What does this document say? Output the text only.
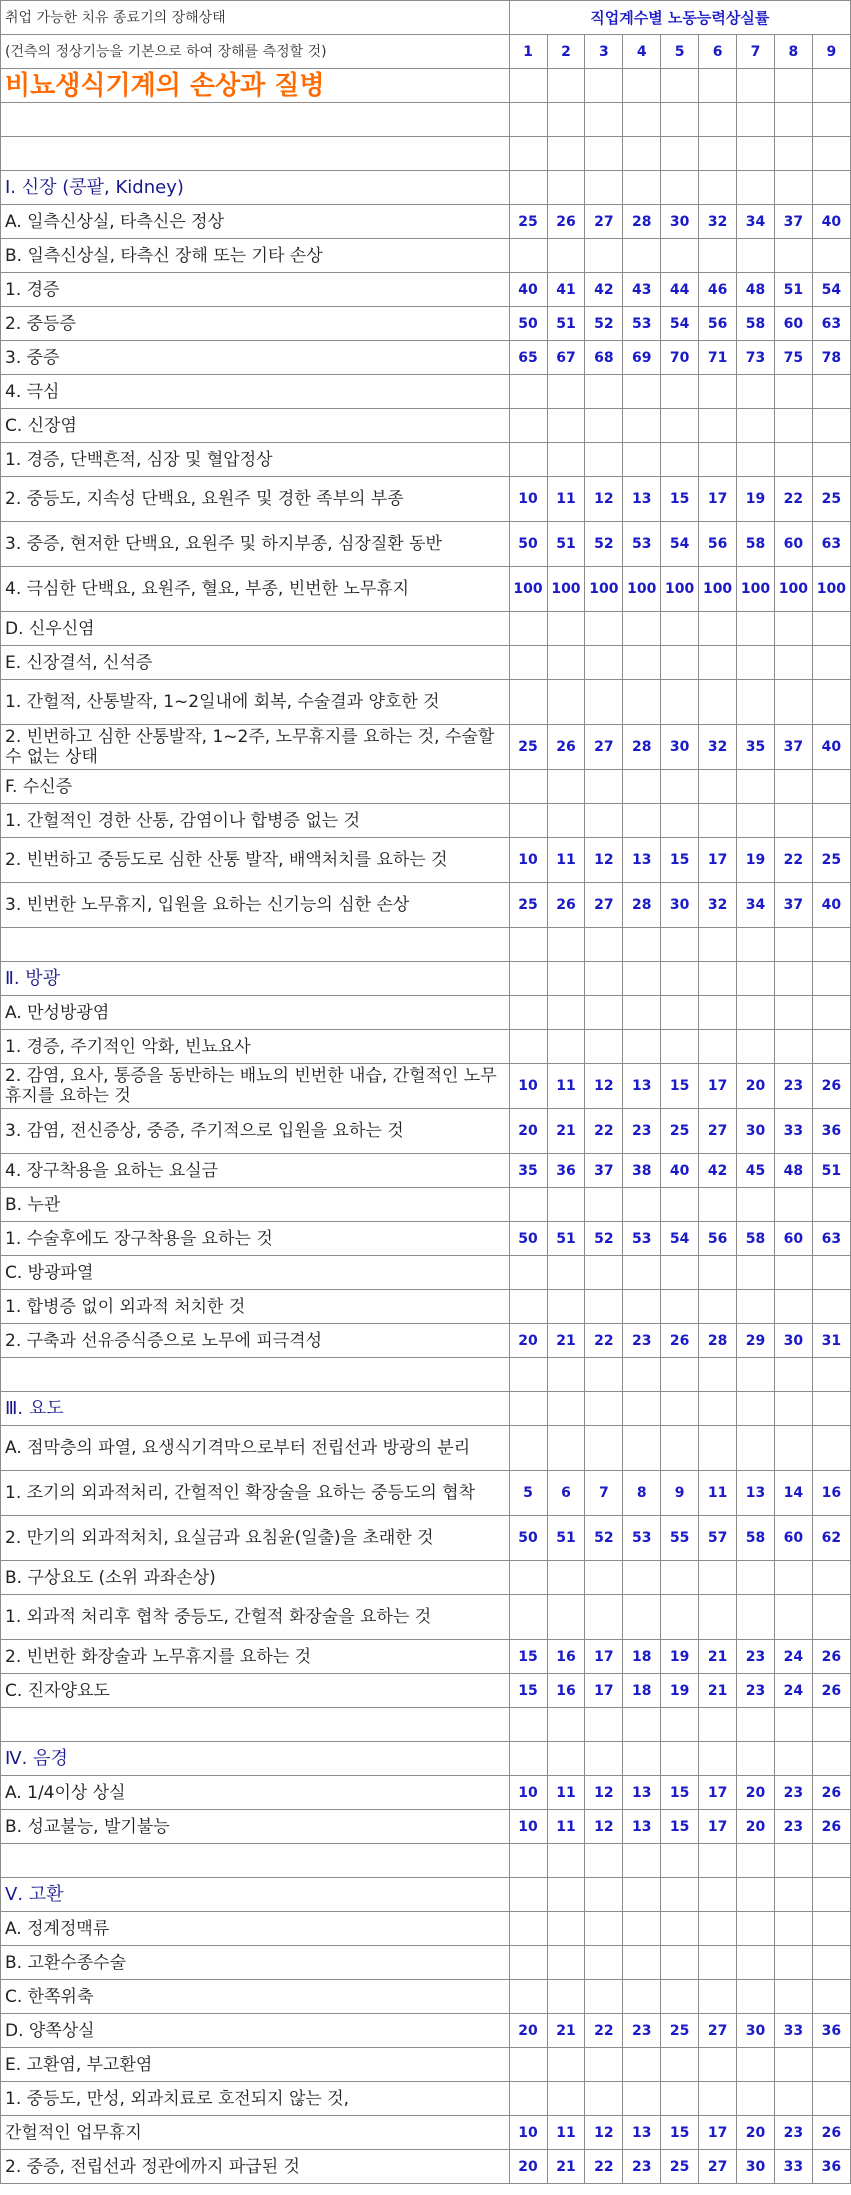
취업 가능한 치유 종료기의 장해상태	직업계수별 노동능력상실률								
(건측의 정상기능을 기본으로 하여 장해를 측정할 것)	1	2	3	4	5	6	7	8	9
비뇨생식기계의 손상과 질병									

Ⅰ. 신장 (콩팥, Kidney)									
A. 일측신상실, 타측신은 정상	25	26	27	28	30	32	34	37	40
B. 일측신상실, 타측신 장해 또는 기타 손상									
1. 경증	40	41	42	43	44	46	48	51	54
2. 중등증	50	51	52	53	54	56	58	60	63
3. 중증	65	67	68	69	70	71	73	75	78
4. 극심									
C. 신장염									
1. 경증, 단백흔적, 심장 및 혈압정상									
2. 중등도, 지속성 단백요, 요원주 및 경한 족부의 부종	10	11	12	13	15	17	19	22	25
3. 중증, 현저한 단백요, 요원주 및 하지부종, 심장질환 동반	50	51	52	53	54	56	58	60	63
4. 극심한 단백요, 요원주, 혈요, 부종, 빈번한 노무휴지	100	100	100	100	100	100	100	100	100
D. 신우신염									
E. 신장결석, 신석증									
1. 간헐적, 산통발작, 1~2일내에 회복, 수술결과 양호한 것									
2. 빈번하고 심한 산통발작, 1~2주, 노무휴지를 요하는 것, 수술할 수 없는 상태	25	26	27	28	30	32	35	37	40
F. 수신증									
1. 간헐적인 경한 산통, 감염이나 합병증 없는 것									
2. 빈번하고 중등도로 심한 산통 발작, 배액처치를 요하는 것	10	11	12	13	15	17	19	22	25
3. 빈번한 노무휴지, 입원을 요하는 신기능의 심한 손상	25	26	27	28	30	32	34	37	40

Ⅱ. 방광									
A. 만성방광염									
1. 경증, 주기적인 악화, 빈뇨요사									
2. 감염, 요사, 통증을 동반하는 배뇨의 빈번한 내습, 간헐적인 노무휴지를 요하는 것	10	11	12	13	15	17	20	23	26
3. 감염, 전신증상, 중증, 주기적으로 입원을 요하는 것	20	21	22	23	25	27	30	33	36
4. 장구착용을 요하는 요실금	35	36	37	38	40	42	45	48	51
B. 누관									
1. 수술후에도 장구착용을 요하는 것	50	51	52	53	54	56	58	60	63
C. 방광파열									
1. 합병증 없이 외과적 처치한 것									
2. 구축과 선유증식증으로 노무에 피극격성	20	21	22	23	26	28	29	30	31

Ⅲ. 요도									
A. 점막층의 파열, 요생식기격막으로부터 전립선과 방광의 분리									
1. 조기의 외과적처리, 간헐적인 확장술을 요하는 중등도의 협착	5	6	7	8	9	11	13	14	16
2. 만기의 외과적처치, 요실금과 요침윤(일출)을 초래한 것	50	51	52	53	55	57	58	60	62
B. 구상요도 (소위 과좌손상)									
1. 외과적 처리후 협착 중등도, 간헐적 화장술을 요하는 것									
2. 빈번한 화장술과 노무휴지를 요하는 것	15	16	17	18	19	21	23	24	26
C. 진자양요도	15	16	17	18	19	21	23	24	26

Ⅳ. 음경									
A. 1/4이상 상실	10	11	12	13	15	17	20	23	26
B. 성교불능, 발기불능	10	11	12	13	15	17	20	23	26

Ⅴ. 고환									
A. 정계정맥류									
B. 고환수종수술									
C. 한쪽위축									
D. 양쪽상실	20	21	22	23	25	27	30	33	36
E. 고환염, 부고환염									
1. 중등도, 만성, 외과치료로 호전되지 않는 것,									
간헐적인 업무휴지	10	11	12	13	15	17	20	23	26
2. 중증, 전립선과 정관에까지 파급된 것	20	21	22	23	25	27	30	33	36
